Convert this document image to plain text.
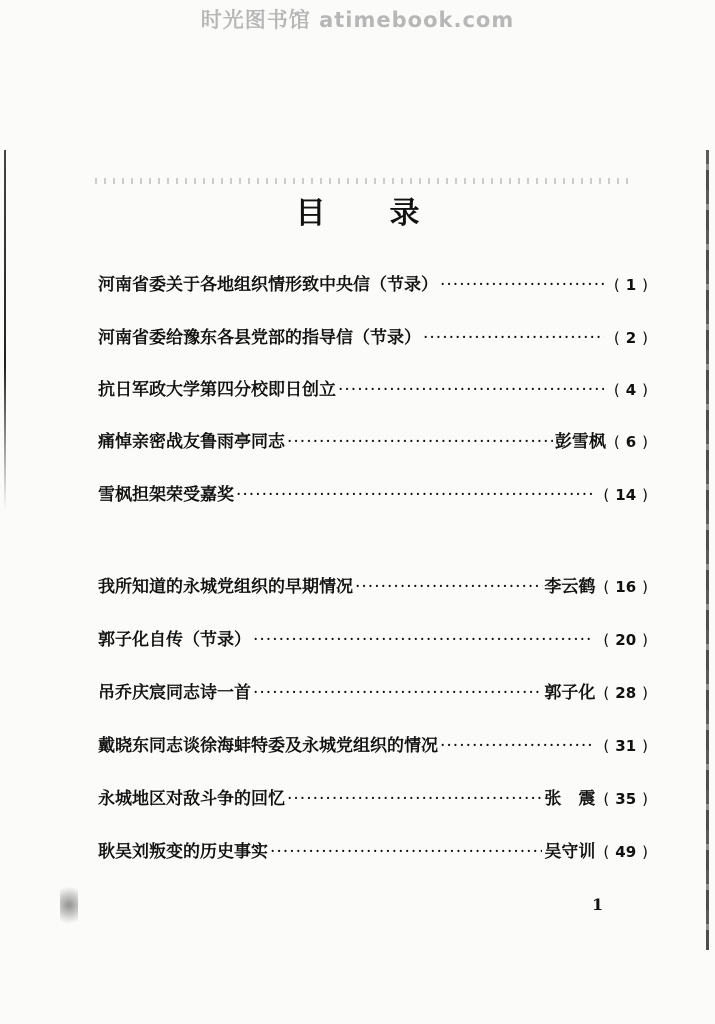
时光图书馆 atimebook.com
目录
河南省委关于各地组织情形致中央信（节录） ·····	( 1 )
河南省委给豫东各县党部的指导信（节录） ·····	( 2 )
抗日军政大学第四分校即日创立 ·····	( 4 )
痛悼亲密战友鲁雨亭同志 ·····	彭雪枫 ( 6 )
雪枫担架荣受嘉奖 ·····	( 14 )
我所知道的永城党组织的早期情况 ·····	李云鹤 ( 16 )
郭子化自传（节录） ·····	( 20 )
吊乔庆宸同志诗一首 ·····	郭子化 ( 28 )
戴晓东同志谈徐海蚌特委及永城党组织的情况 ·····	( 31 )
永城地区对敌斗争的回忆 ·····	张　震 ( 35 )
耿吴刘叛变的历史事实 ·····	吴守训 ( 49 )
1
